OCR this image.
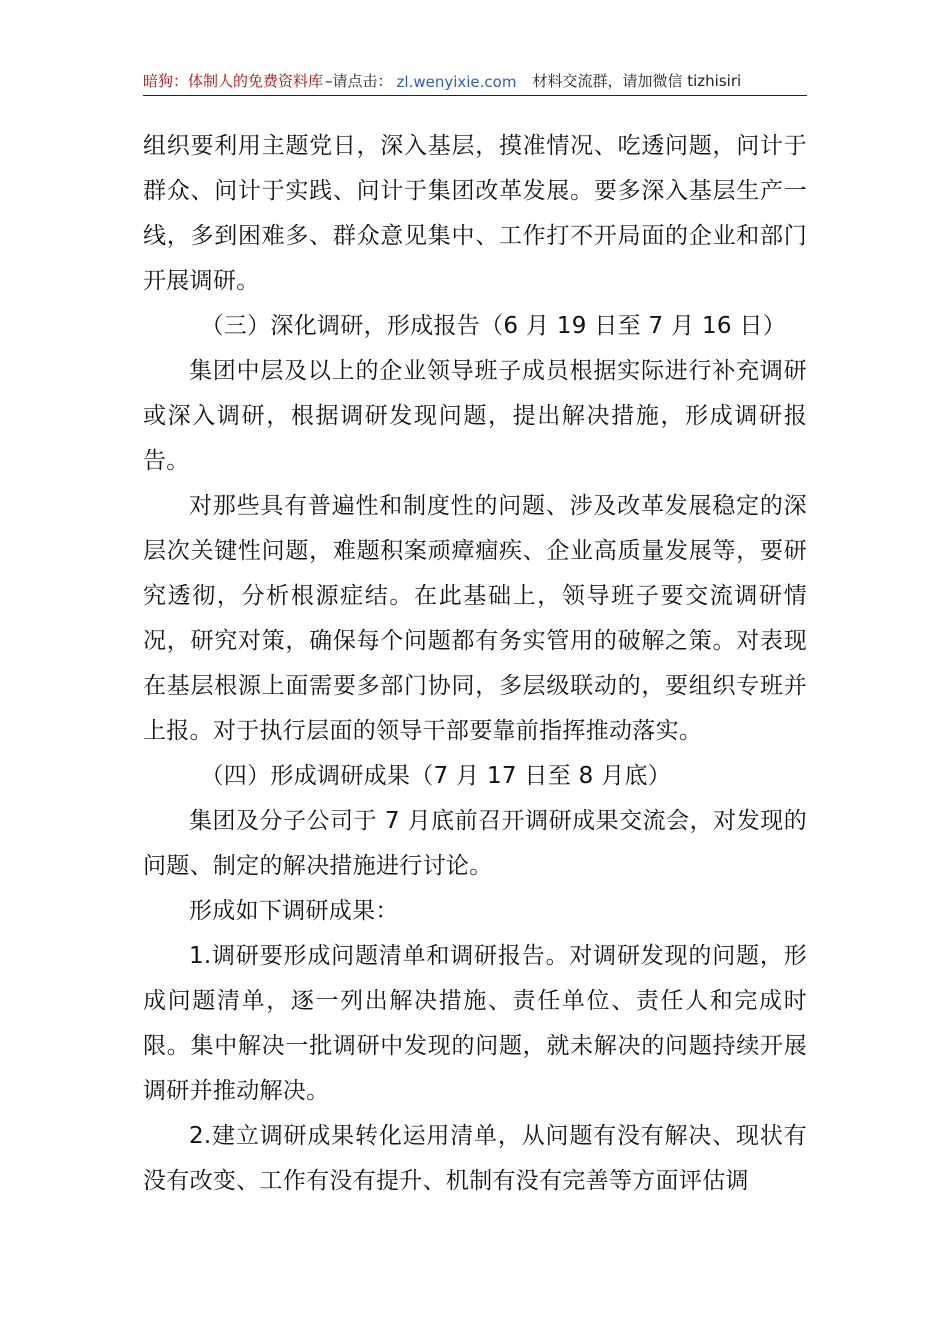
暗狗：体制人的免费资料库 –请点击： zl.wenyixie.com 材料交流群，请加微信 tizhisiri

组织要利用主题党日，深入基层，摸准情况、吃透问题，问计于群众、问计于实践、问计于集团改革发展。要多深入基层生产一线，多到困难多、群众意见集中、工作打不开局面的企业和部门开展调研。

（三）深化调研，形成报告（6 月 19 日至 7 月 16 日）

集团中层及以上的企业领导班子成员根据实际进行补充调研或深入调研，根据调研发现问题，提出解决措施，形成调研报告。

对那些具有普遍性和制度性的问题、涉及改革发展稳定的深层次关键性问题，难题积案顽瘴痼疾、企业高质量发展等，要研究透彻，分析根源症结。在此基础上，领导班子要交流调研情况，研究对策，确保每个问题都有务实管用的破解之策。对表现在基层根源上面需要多部门协同，多层级联动的，要组织专班并上报。对于执行层面的领导干部要靠前指挥推动落实。

（四）形成调研成果（7 月 17 日至 8 月底）

集团及分子公司于 7 月底前召开调研成果交流会，对发现的问题、制定的解决措施进行讨论。

形成如下调研成果：

1.调研要形成问题清单和调研报告。对调研发现的问题，形成问题清单，逐一列出解决措施、责任单位、责任人和完成时限。集中解决一批调研中发现的问题，就未解决的问题持续开展调研并推动解决。

2.建立调研成果转化运用清单，从问题有没有解决、现状有没有改变、工作有没有提升、机制有没有完善等方面评估调
